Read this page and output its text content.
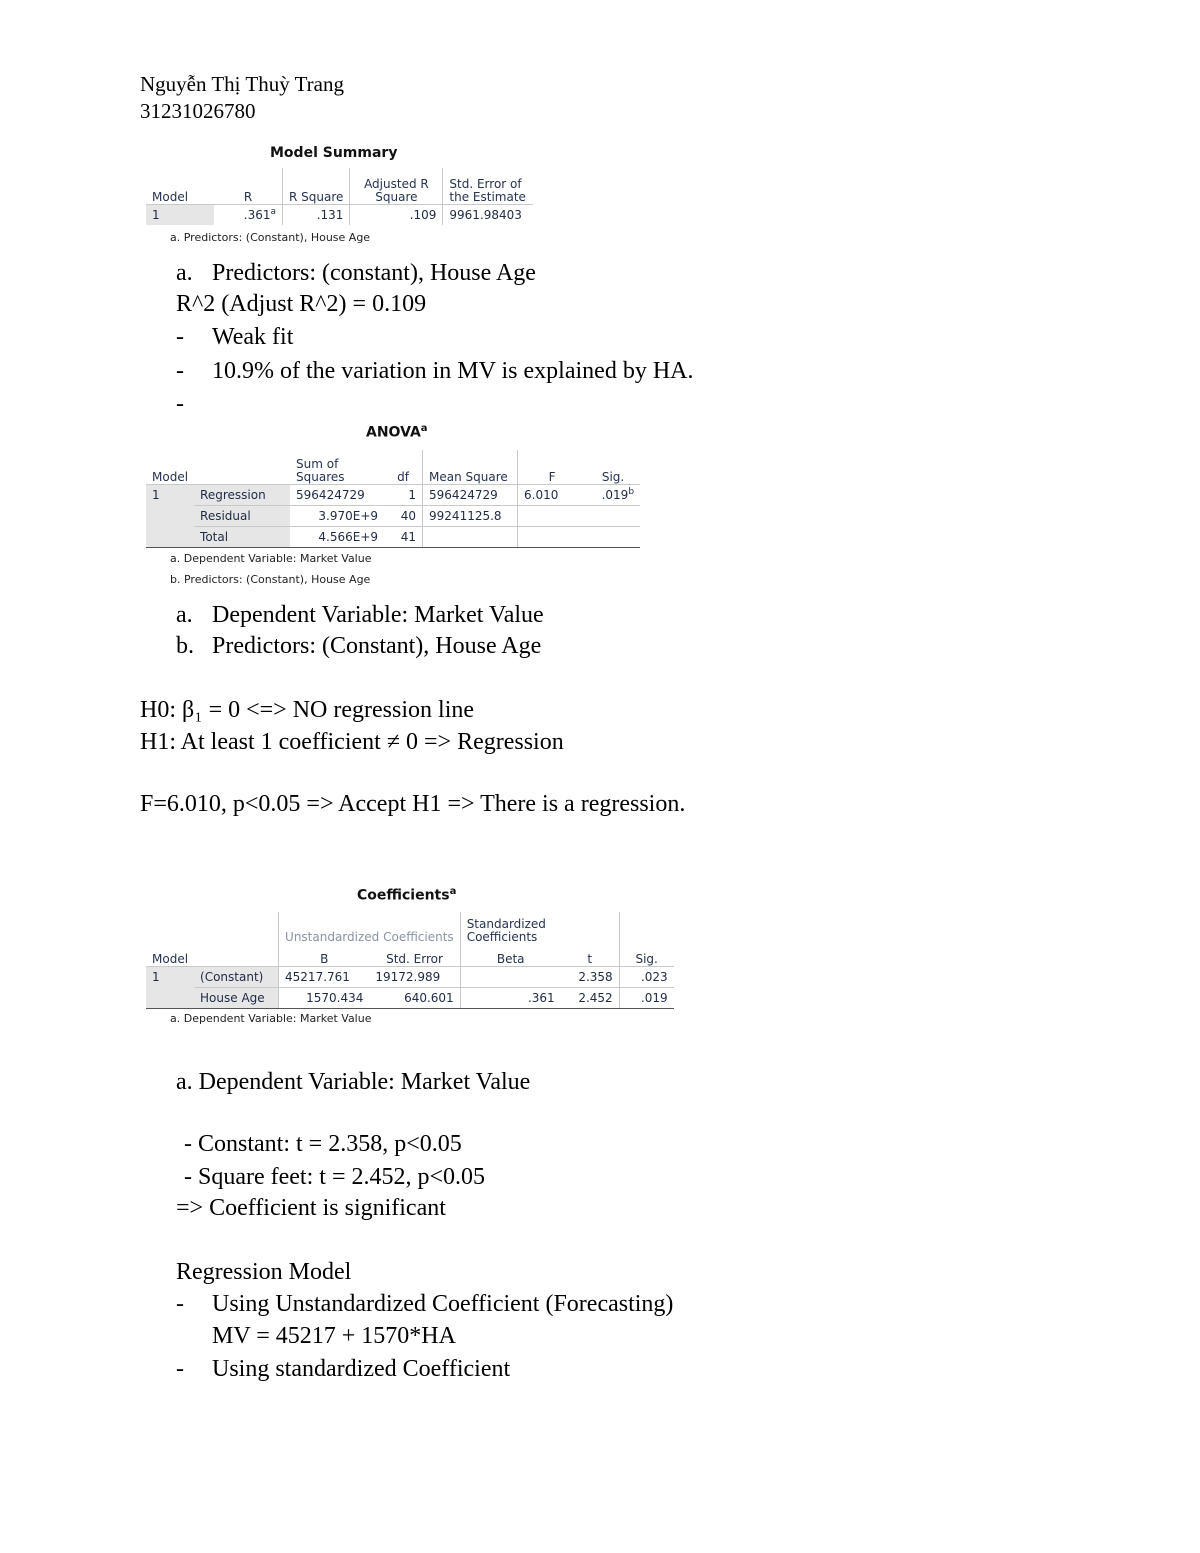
Nguyễn Thị Thuỳ Trang
31231026780
Model Summary
Model	R	R Square	Adjusted R
Square	Std. Error of
the Estimate
1	.361$^a$	.131	.109	9961.98403
a. Predictors: (Constant), House Age
a. Predictors: (constant), House Age
R^2 (Adjust R^2) = 0.109
- Weak fit
- 10.9% of the variation in MV is explained by HA.
-
ANOVA$^a$
Model		Sum of
Squares	df	Mean Square	F	Sig.
1	Regression	596424729	1	596424729	6.010	.019$^b$
	Residual	3.970E+9	40	99241125.8		
	Total	4.566E+9	41			
a. Dependent Variable: Market Value
b. Predictors: (Constant), House Age
a. Dependent Variable: Market Value
b. Predictors: (Constant), House Age
H0: β₁ = 0 <=> NO regression line
H1: At least 1 coefficient ≠ 0 => Regression
F=6.010, p<0.05 => Accept H1 => There is a regression.
Coefficients$^a$
		Unstandardized Coefficients		Standardized
Coefficients		
Model		B	Std. Error	Beta	t	Sig.
1	(Constant)	45217.761	19172.989		2.358	.023
	House Age	1570.434	640.601	.361	2.452	.019
a. Dependent Variable: Market Value
a. Dependent Variable: Market Value
- Constant: t = 2.358, p<0.05
- Square feet: t = 2.452, p<0.05
=> Coefficient is significant
Regression Model
- Using Unstandardized Coefficient (Forecasting)
MV = 45217 + 1570*HA
- Using standardized Coefficient
